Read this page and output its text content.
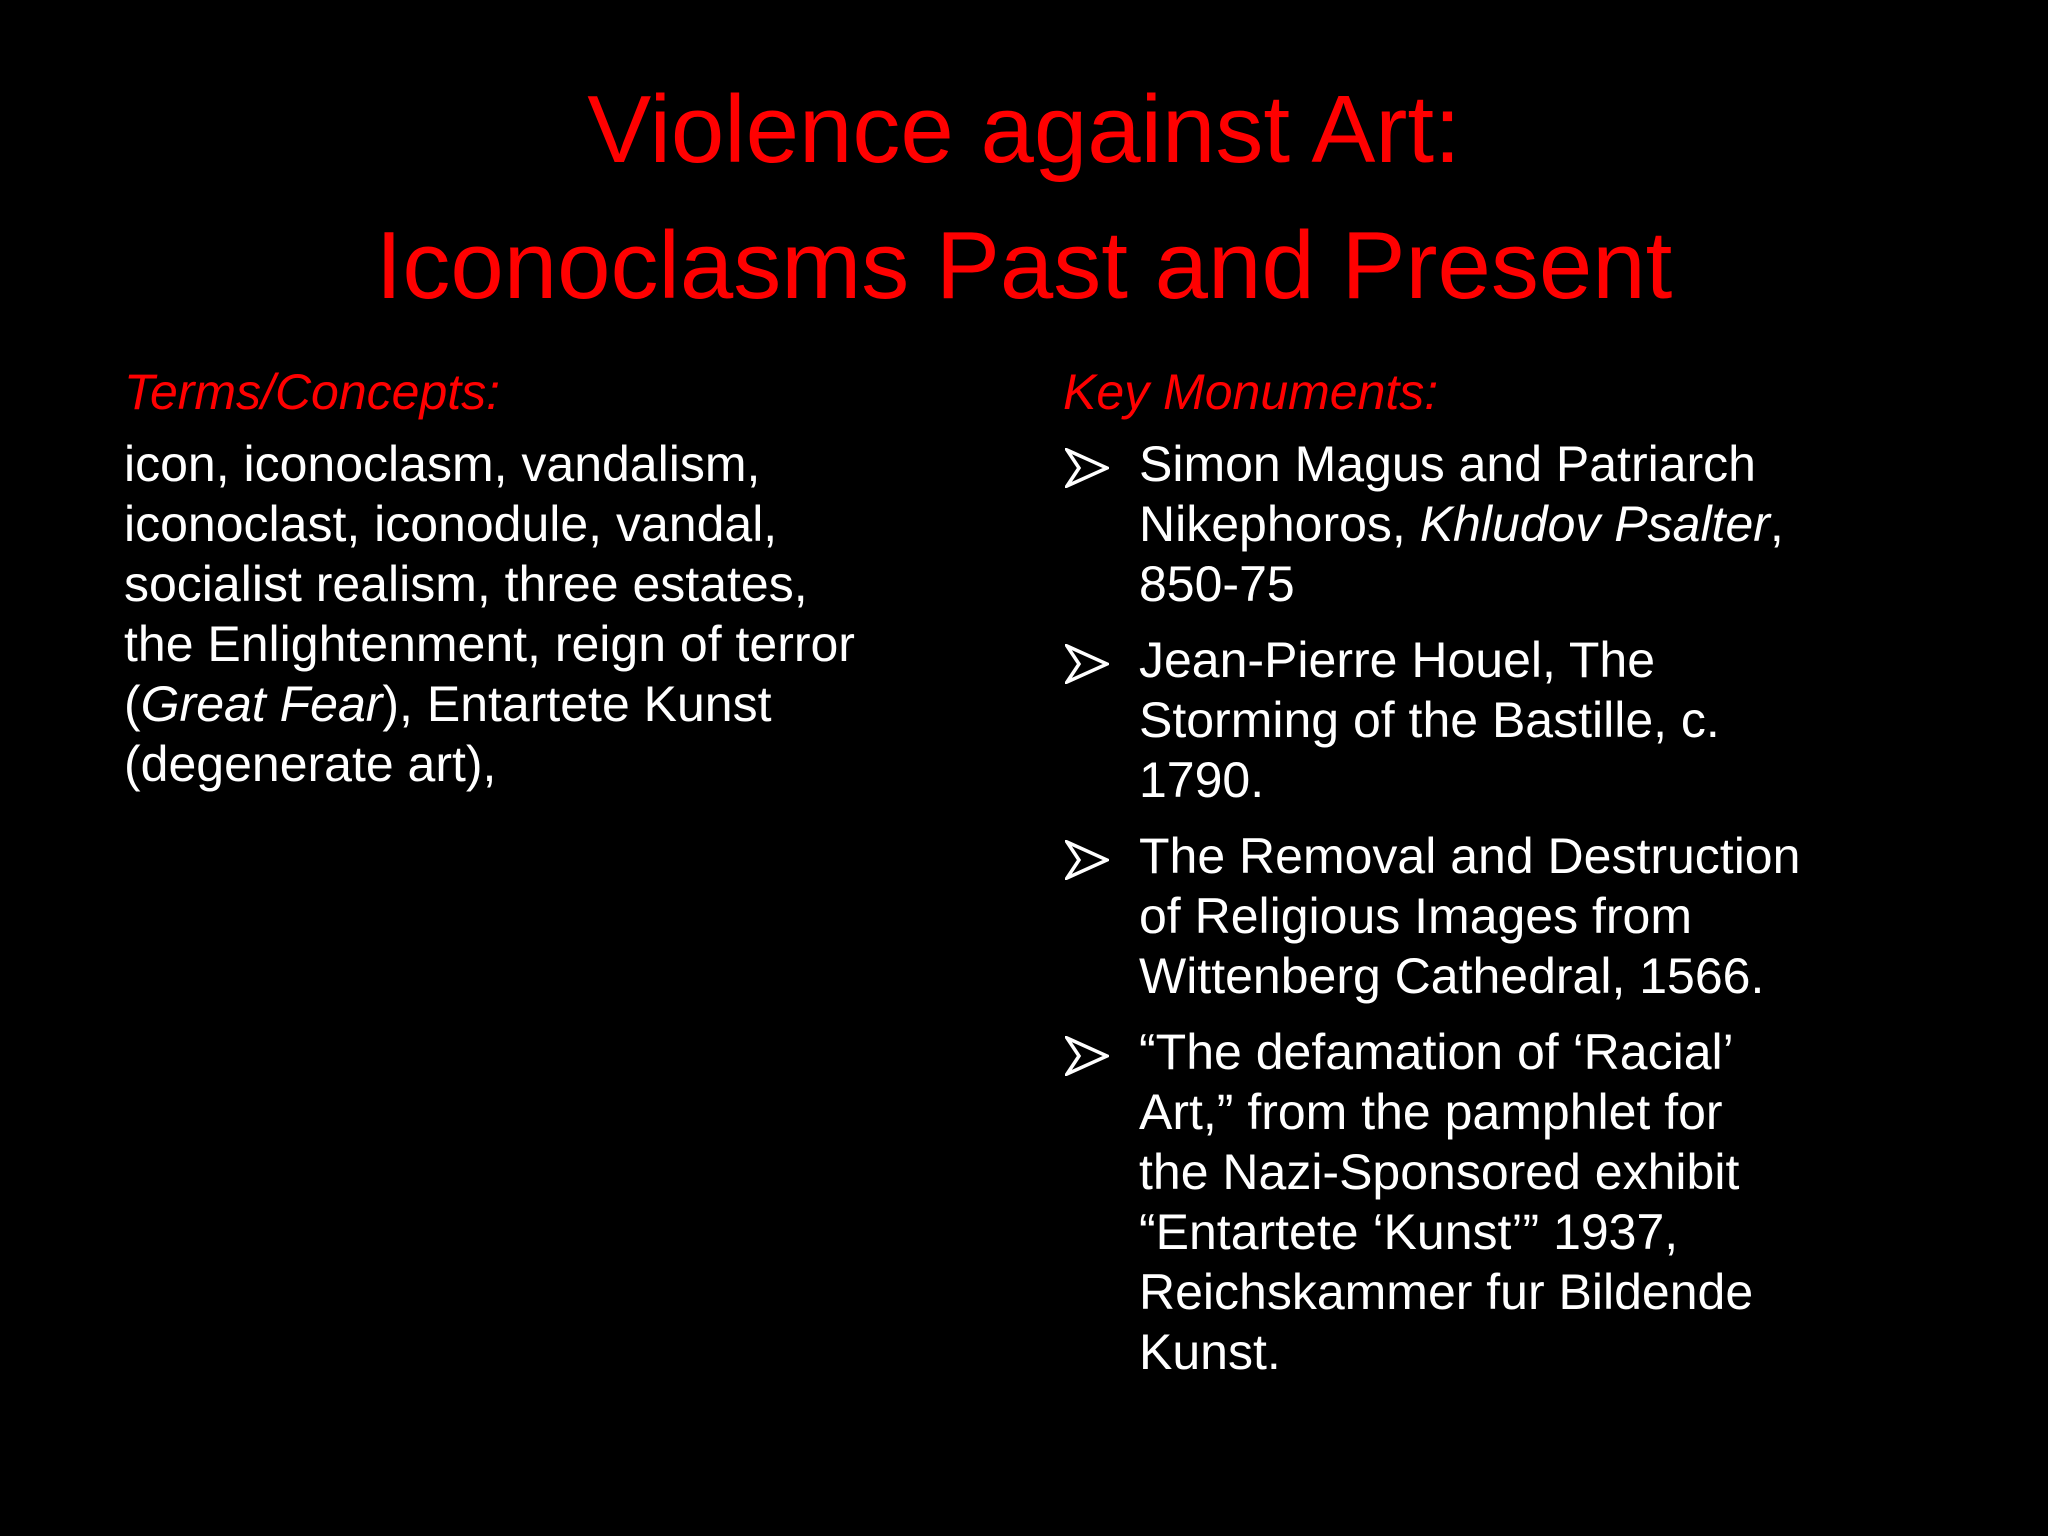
Violence against Art:
Iconoclasms Past and Present
Terms/Concepts:
icon, iconoclasm, vandalism,
iconoclast, iconodule, vandal,
socialist realism, three estates,
the Enlightenment, reign of terror
(Great Fear), Entartete Kunst
(degenerate art),
Key Monuments:
Simon Magus and Patriarch
Nikephoros, Khludov Psalter,
850-75
Jean-Pierre Houel, The
Storming of the Bastille, c.
1790.
The Removal and Destruction
of Religious Images from
Wittenberg Cathedral, 1566.
“The defamation of ‘Racial’
Art,” from the pamphlet for
the Nazi-Sponsored exhibit
“Entartete ‘Kunst’” 1937,
Reichskammer fur Bildende
Kunst.
